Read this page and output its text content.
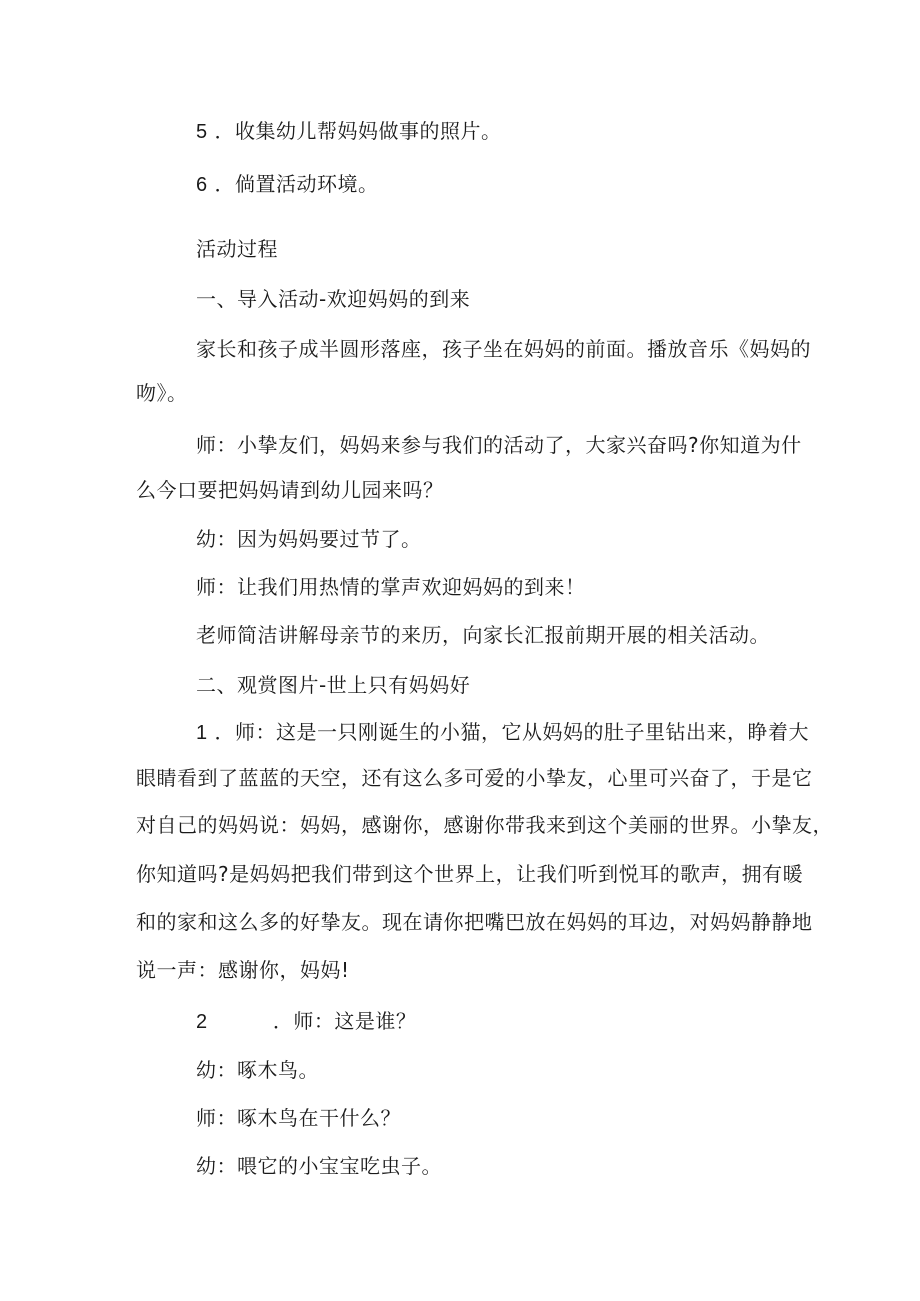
5 ．收集幼儿帮妈妈做事的照片。
6 ．倘置活动环境。
活动过程
一、导入活动-欢迎妈妈的到来
家长和孩子成半圆形落座，孩子坐在妈妈的前面。播放音乐《妈妈的
吻》。
师：小挚友们，妈妈来参与我们的活动了，大家兴奋吗?你知道为什
么今口要把妈妈请到幼儿园来吗？
幼：因为妈妈要过节了。
师：让我们用热情的掌声欢迎妈妈的到来！
老师简洁讲解母亲节的来历，向家长汇报前期开展的相关活动。
二、观赏图片-世上只有妈妈好
1 ．师：这是一只刚诞生的小猫，它从妈妈的肚子里钻出来，睁着大
眼睛看到了蓝蓝的天空，还有这么多可爱的小挚友，心里可兴奋了，于是它
对自己的妈妈说：妈妈，感谢你，感谢你带我来到这个美丽的世界。小挚友，
你知道吗?是妈妈把我们带到这个世界上，让我们听到悦耳的歌声，拥有暖
和的家和这么多的好挚友。现在请你把嘴巴放在妈妈的耳边，对妈妈静静地
说一声：感谢你，妈妈!
2	．师：这是谁？
幼：啄木鸟。
师：啄木鸟在干什么？
幼：喂它的小宝宝吃虫子。
